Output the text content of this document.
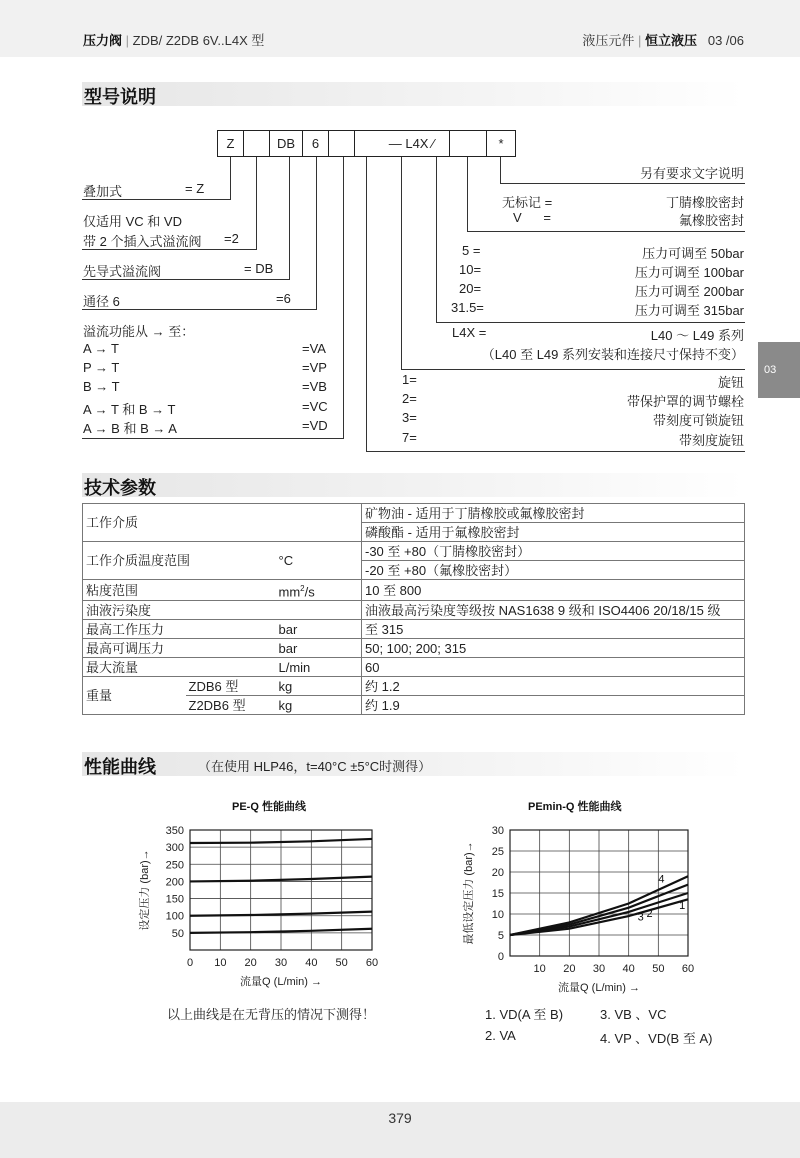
压力阀 | ZDB/ Z2DB 6V..L4X 型	液压元件 | 恒立液压 03 /06
03
型号说明
Z	DB	6	— L4X ⁄	*
叠加式	= Z
仅适用 VC 和 VD
带 2 个插入式溢流阀 =2
先导式溢流阀	= DB
通径 6	=6
溢流功能从 → 至：
A → T	=VA
P → T	=VP
B → T	=VB
A → T 和 B → T	=VC
A → B 和 B → A	=VD
另有要求文字说明
无标记 =	丁腈橡胶密封
V      =	氟橡胶密封
5 =	压力可调至 50bar
10=	压力可调至 100bar
20=	压力可调至 200bar
31.5=	压力可调至 315bar
L4X =	L40 ～ L49 系列
（L40 至 L49 系列安装和连接尺寸保持不变）
1=	旋钮
2=	带保护罩的调节螺栓
3=	带刻度可锁旋钮
7=	带刻度旋钮
技术参数
工作介质			矿物油 - 适用于丁腈橡胶或氟橡胶密封
			磷酸酯 - 适用于氟橡胶密封
工作介质温度范围		°C	-30 至 +80（丁腈橡胶密封）
			-20 至 +80（氟橡胶密封）
粘度范围		$mm^2/s$	10 至 800
油液污染度			油液最高污染度等级按 NAS1638 9 级和 ISO4406 20/18/15 级
最高工作压力		bar	至 315
最高可调压力		bar	50; 100; 200; 315
最大流量		L/min	60
重量	ZDB6 型	kg	约 1.2
	Z2DB6 型	kg	约 1.9
性能曲线	（在使用 HLP46，t=40°C ±5°C时测得）
PE-Q 性能曲线
0 10 20 30 40 50 60
50
100
150
200
250
300
350
流量Q (L/min) →
设定压力 (bar)→
PEmin-Q 性能曲线
10 20 30 40 50 60
0
5
10
15
20
25
30
流量Q (L/min) →
最低设定压力 (bar)→	1
2
3
4
以上曲线是在无背压的情况下测得！	1. VD(A 至 B)	3. VB 、VC
2. VA	4. VP 、VD(B 至 A)
379
